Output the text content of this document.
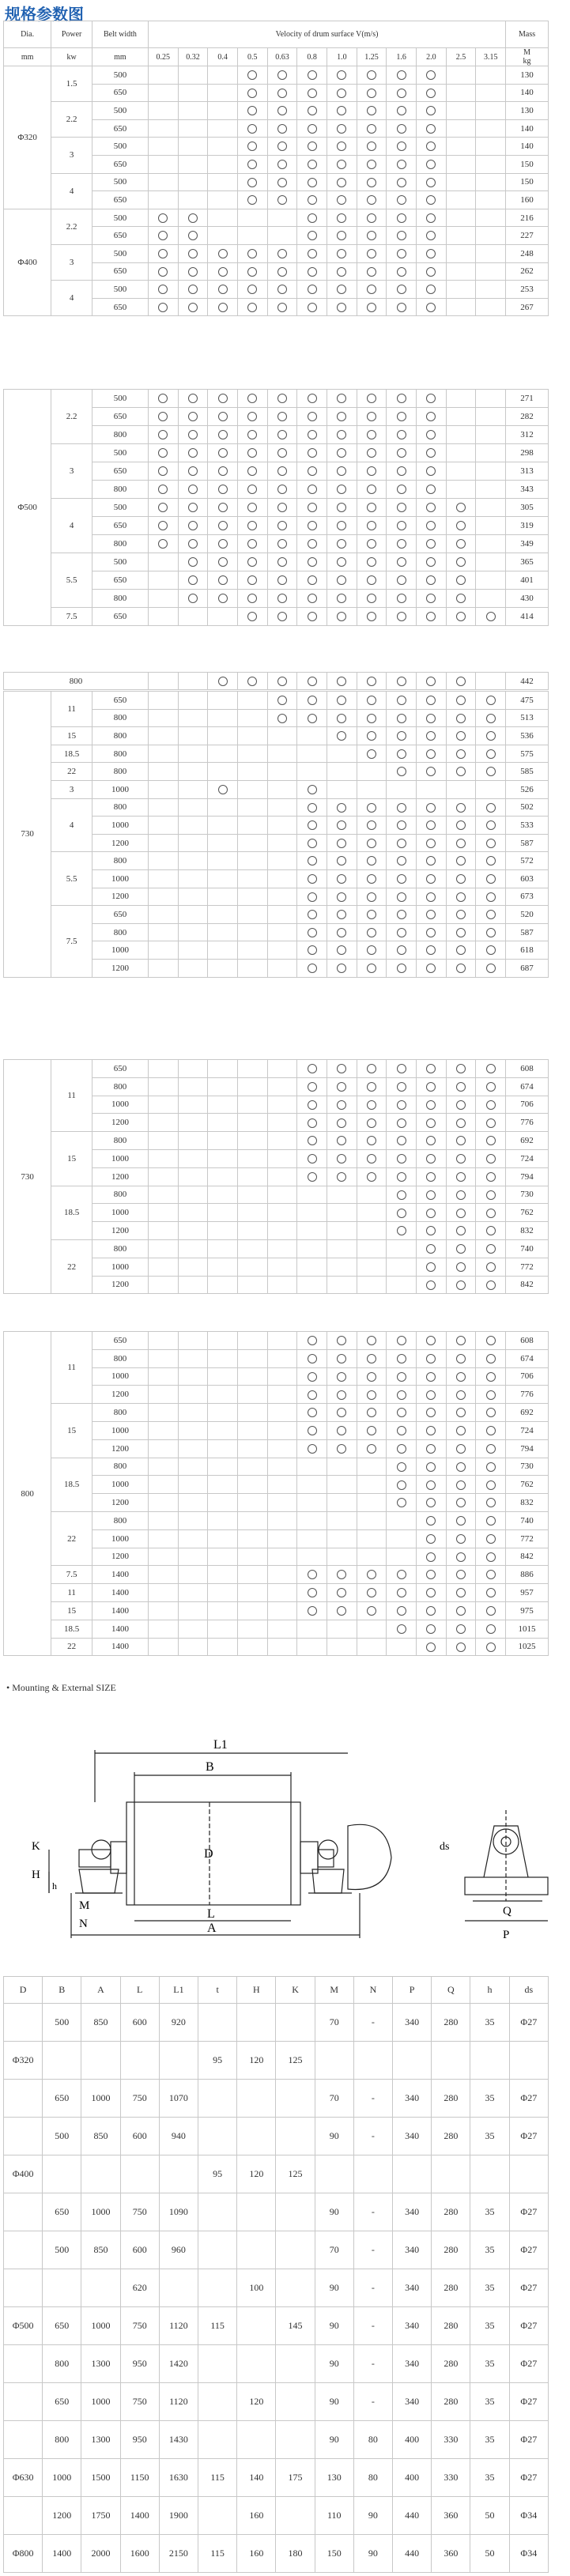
规格参数图
Dia.	Power	Belt width	Velocity of drum surface V(m/s)												Mass
mm	kw	mm	0.25	0.32	0.4	0.5	0.63	0.8	1.0	1.25	1.6	2.0	2.5	3.15	M
kg

Φ320	1.5	500													130
		650													140
	2.2	500													130
		650													140
	3	500													140
		650													150
	4	500													150
		650													160
Φ400	2.2	500													216
		650													227
	3	500													248
		650													262
	4	500													253
		650													267
Φ500	2.2	500													271
		650													282
		800													312
	3	500													298
		650													313
		800													343
	4	500													305
		650													319
		800													349
	5.5	500													365
		650													401
		800													430
	7.5	650													414
800													442
730	11	650													475
		800													513
	15	800													536
	18.5	800													575
	22	800													585
	3	1000													526
	4	800													502
		1000													533
		1200													587
	5.5	800													572
		1000													603
		1200													673
	7.5	650													520
		800													587
		1000													618
		1200													687
730	11	650													608
		800													674
		1000													706
		1200													776
	15	800													692
		1000													724
		1200													794
	18.5	800													730
		1000													762
		1200													832
	22	800													740
		1000													772
		1200													842
800	11	650													608
		800													674
		1000													706
		1200													776
	15	800													692
		1000													724
		1200													794
	18.5	800													730
		1000													762
		1200													832
	22	800													740
		1000													772
		1200													842
	7.5	1400													886
	11	1400													957
	15	1400													975
	18.5	1400													1015
	22	1400													1025
• Mounting & External SIZE
L1
B
K
H
h
M
N
D
L
A
ds
Q
P
D	B	A	L	L1	t	H	K	M	N	P	Q	h	ds
	500	850	600	920				70	-	340	280	35	Φ27
Φ320					95	120	125						
	650	1000	750	1070				70	-	340	280	35	Φ27
	500	850	600	940				90	-	340	280	35	Φ27
Φ400					95	120	125						
	650	1000	750	1090				90	-	340	280	35	Φ27
	500	850	600	960				70	-	340	280	35	Φ27
			620			100		90	-	340	280	35	Φ27
Φ500	650	1000	750	1120	115		145	90	-	340	280	35	Φ27
	800	1300	950	1420				90	-	340	280	35	Φ27
	650	1000	750	1120		120		90	-	340	280	35	Φ27
	800	1300	950	1430				90	80	400	330	35	Φ27
Φ630	1000	1500	1150	1630	115	140	175	130	80	400	330	35	Φ27
	1200	1750	1400	1900		160		110	90	440	360	50	Φ34
Φ800	1400	2000	1600	2150	115	160	180	150	90	440	360	50	Φ34
